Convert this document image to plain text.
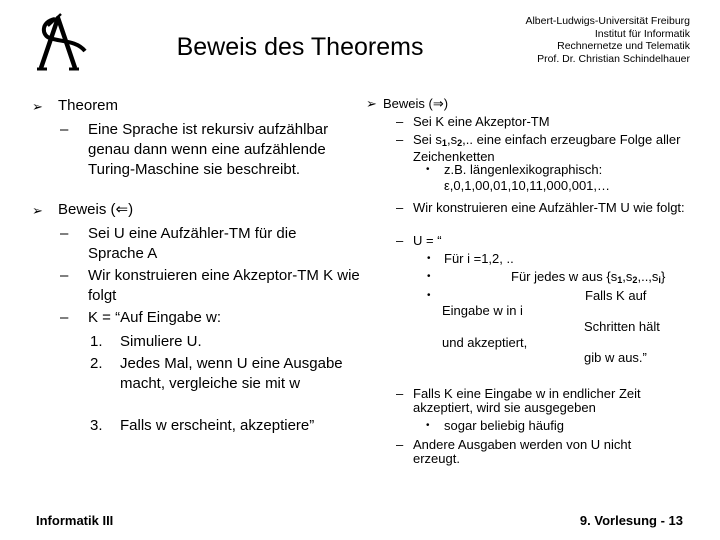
Beweis des Theorems
Albert-Ludwigs-Universität Freiburg
Institut für Informatik
Rechnernetze und Telematik
Prof. Dr. Christian Schindelhauer
➢ Theorem
– Eine Sprache ist rekursiv aufzählbar genau dann wenn eine aufzählende Turing-Maschine sie beschreibt.
➢ Beweis (⇐)
– Sei U eine Aufzähler-TM für die Sprache A
– Wir konstruieren eine Akzeptor-TM K wie folgt
– K = “Auf Eingabe w:
1. Simuliere U.
2. Jedes Mal, wenn U eine Ausgabe macht, vergleiche sie mit w
3. Falls w erscheint, akzeptiere”
➢ Beweis (⇒)
– Sei K eine Akzeptor-TM
– Sei $s_1,s_2$,.. eine einfach erzeugbare Folge aller Zeichenketten
• z.B. längenlexikographisch:
ε,0,1,00,01,10,11,000,001,…
– Wir konstruieren eine Aufzähler-TM U wie folgt:
– U = “
• Für i =1,2, ..
•	Für jedes w aus $\{s_1,s_2,..,s_i\}$
•	Falls K auf
Eingabe w in i
Schritten hält
und akzeptiert,
gib w aus.”
– Falls K eine Eingabe w in endlicher Zeit akzeptiert, wird sie ausgegeben
• sogar beliebig häufig
– Andere Ausgaben werden von U nicht erzeugt.
Informatik III	9. Vorlesung - 13
